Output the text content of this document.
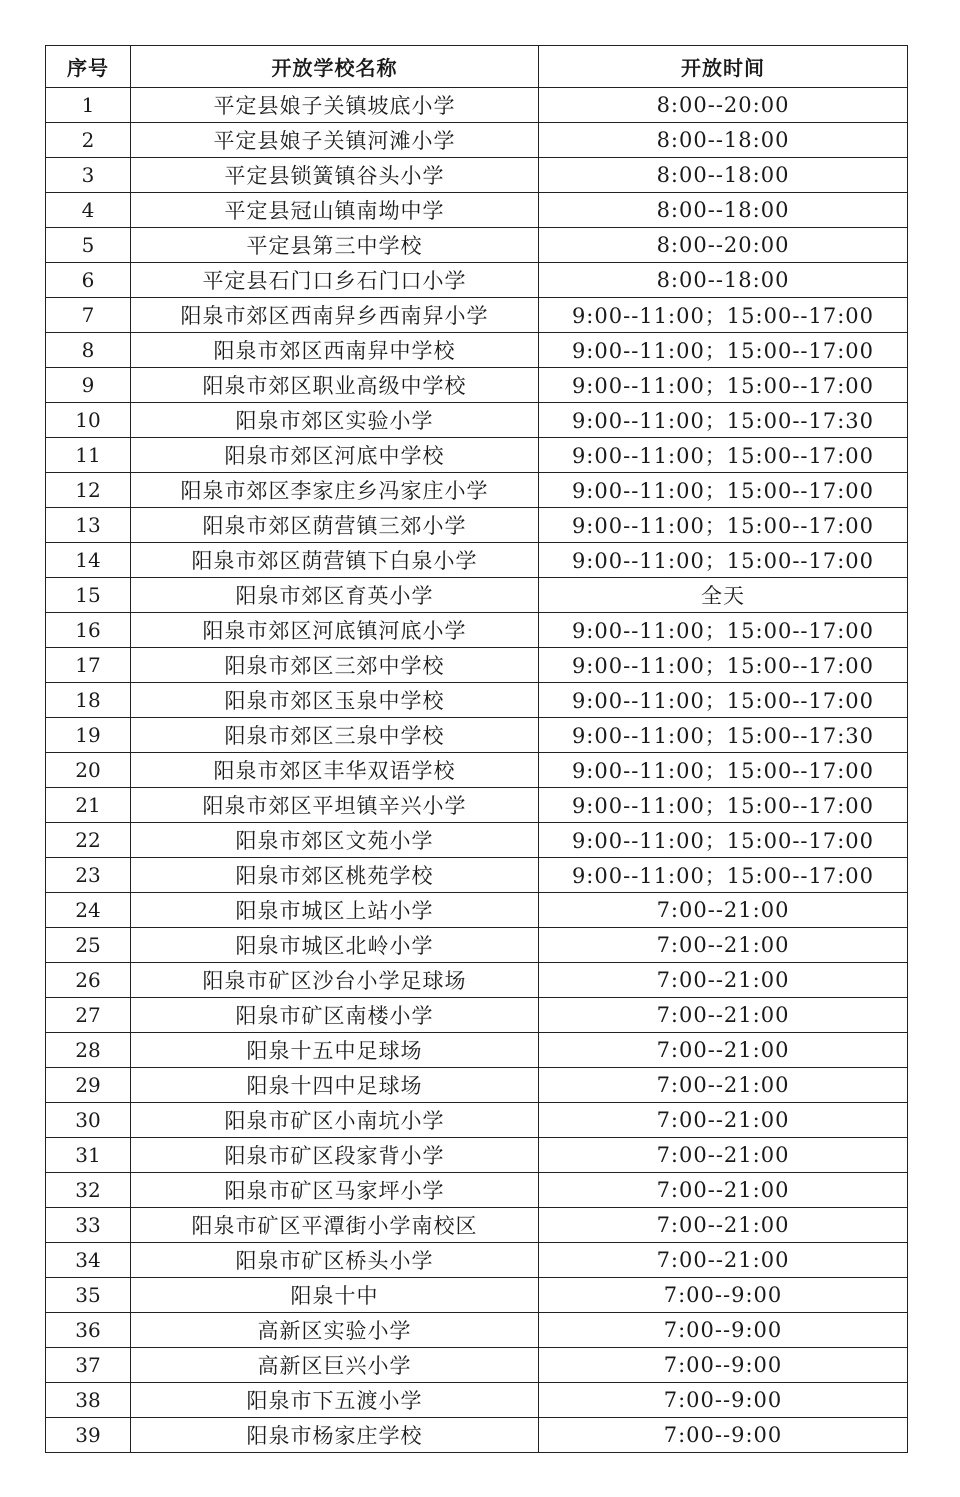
序号	开放学校名称	开放时间
1	平定县娘子关镇坡底小学	8:00--20:00
2	平定县娘子关镇河滩小学	8:00--18:00
3	平定县锁簧镇谷头小学	8:00--18:00
4	平定县冠山镇南坳中学	8:00--18:00
5	平定县第三中学校	8:00--20:00
6	平定县石门口乡石门口小学	8:00--18:00
7	阳泉市郊区西南舁乡西南舁小学	9:00--11:00；15:00--17:00
8	阳泉市郊区西南舁中学校	9:00--11:00；15:00--17:00
9	阳泉市郊区职业高级中学校	9:00--11:00；15:00--17:00
10	阳泉市郊区实验小学	9:00--11:00；15:00--17:30
11	阳泉市郊区河底中学校	9:00--11:00；15:00--17:00
12	阳泉市郊区李家庄乡冯家庄小学	9:00--11:00；15:00--17:00
13	阳泉市郊区荫营镇三郊小学	9:00--11:00；15:00--17:00
14	阳泉市郊区荫营镇下白泉小学	9:00--11:00；15:00--17:00
15	阳泉市郊区育英小学	全天
16	阳泉市郊区河底镇河底小学	9:00--11:00；15:00--17:00
17	阳泉市郊区三郊中学校	9:00--11:00；15:00--17:00
18	阳泉市郊区玉泉中学校	9:00--11:00；15:00--17:00
19	阳泉市郊区三泉中学校	9:00--11:00；15:00--17:30
20	阳泉市郊区丰华双语学校	9:00--11:00；15:00--17:00
21	阳泉市郊区平坦镇辛兴小学	9:00--11:00；15:00--17:00
22	阳泉市郊区文苑小学	9:00--11:00；15:00--17:00
23	阳泉市郊区桃苑学校	9:00--11:00；15:00--17:00
24	阳泉市城区上站小学	7:00--21:00
25	阳泉市城区北岭小学	7:00--21:00
26	阳泉市矿区沙台小学足球场	7:00--21:00
27	阳泉市矿区南楼小学	7:00--21:00
28	阳泉十五中足球场	7:00--21:00
29	阳泉十四中足球场	7:00--21:00
30	阳泉市矿区小南坑小学	7:00--21:00
31	阳泉市矿区段家背小学	7:00--21:00
32	阳泉市矿区马家坪小学	7:00--21:00
33	阳泉市矿区平潭街小学南校区	7:00--21:00
34	阳泉市矿区桥头小学	7:00--21:00
35	阳泉十中	7:00--9:00
36	高新区实验小学	7:00--9:00
37	高新区巨兴小学	7:00--9:00
38	阳泉市下五渡小学	7:00--9:00
39	阳泉市杨家庄学校	7:00--9:00
